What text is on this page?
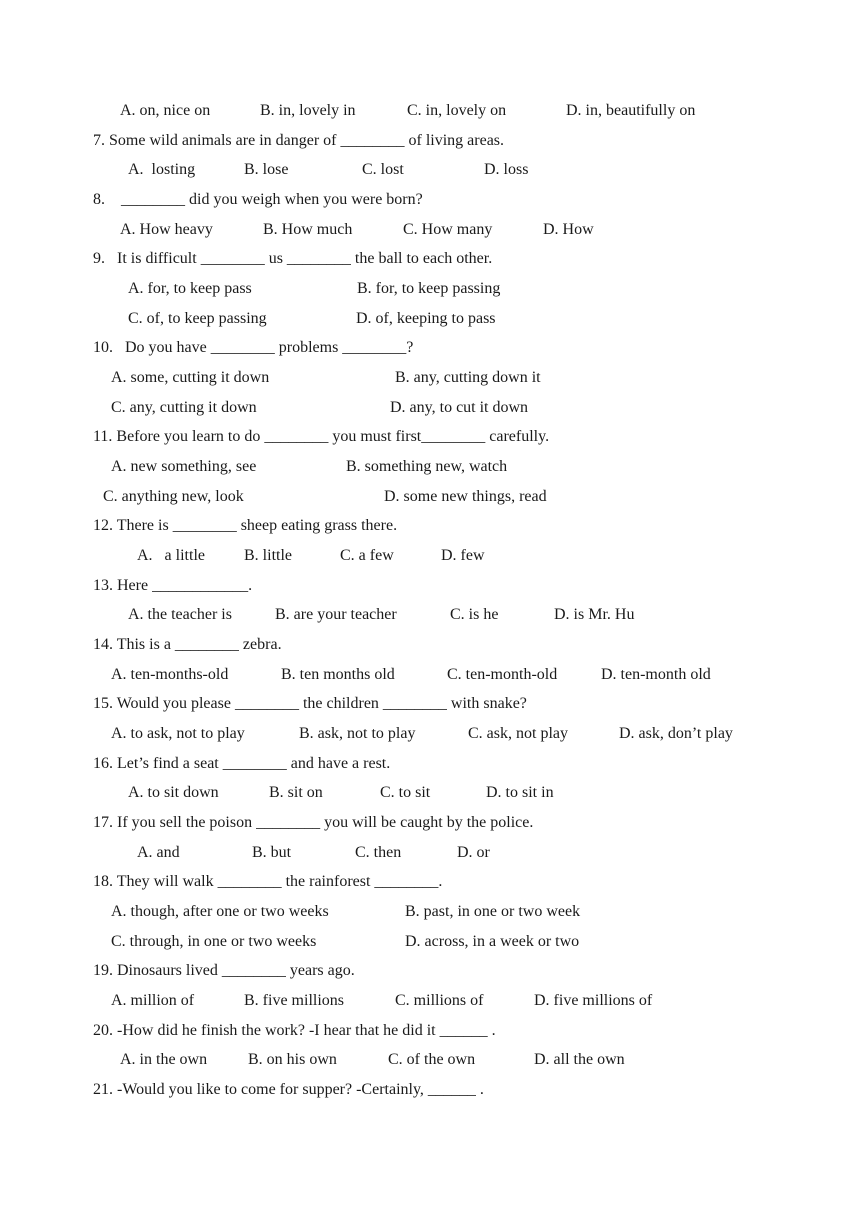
A. on, nice on	B. in, lovely in	C. in, lovely on	D. in, beautifully on
7. Some wild animals are in danger of ________ of living areas.
A.  losting	B. lose	C. lost	D. loss
8.    ________ did you weigh when you were born?
A. How heavy	B. How much	C. How many	D. How
9.   It is difficult ________ us ________ the ball to each other.
A. for, to keep pass	B. for, to keep passing
C. of, to keep passing	D. of, keeping to pass
10.   Do you have ________ problems ________?
A. some, cutting it down	B. any, cutting down it
C. any, cutting it down	D. any, to cut it down
11. Before you learn to do ________ you must first________ carefully.
A. new something, see	B. something new, watch
C. anything new, look	D. some new things, read
12. There is ________ sheep eating grass there.
A.   a little B. little	C. a few	D. few
13. Here ____________.
A. the teacher is	B. are your teacher	C. is he	D. is Mr. Hu
14. This is a ________ zebra.
A. ten-months-old	B. ten months old	C. ten-month-old	D. ten-month old
15. Would you please ________ the children ________ with snake?
A. to ask, not to play	B. ask, not to play	C. ask, not play	D. ask, don’t play
16. Let’s find a seat ________ and have a rest.
A. to sit down	B. sit on	C. to sit	D. to sit in
17. If you sell the poison ________ you will be caught by the police.
A. and	B. but	C. then	D. or
18. They will walk ________ the rainforest ________.
A. though, after one or two weeks	B. past, in one or two week
C. through, in one or two weeks	D. across, in a week or two
19. Dinosaurs lived ________ years ago.
A. million of	B. five millions	C. millions of	D. five millions of
20. -How did he finish the work? -I hear that he did it ______ .
A. in the own	B. on his own	C. of the own	D. all the own
21. -Would you like to come for supper? -Certainly, ______ .
